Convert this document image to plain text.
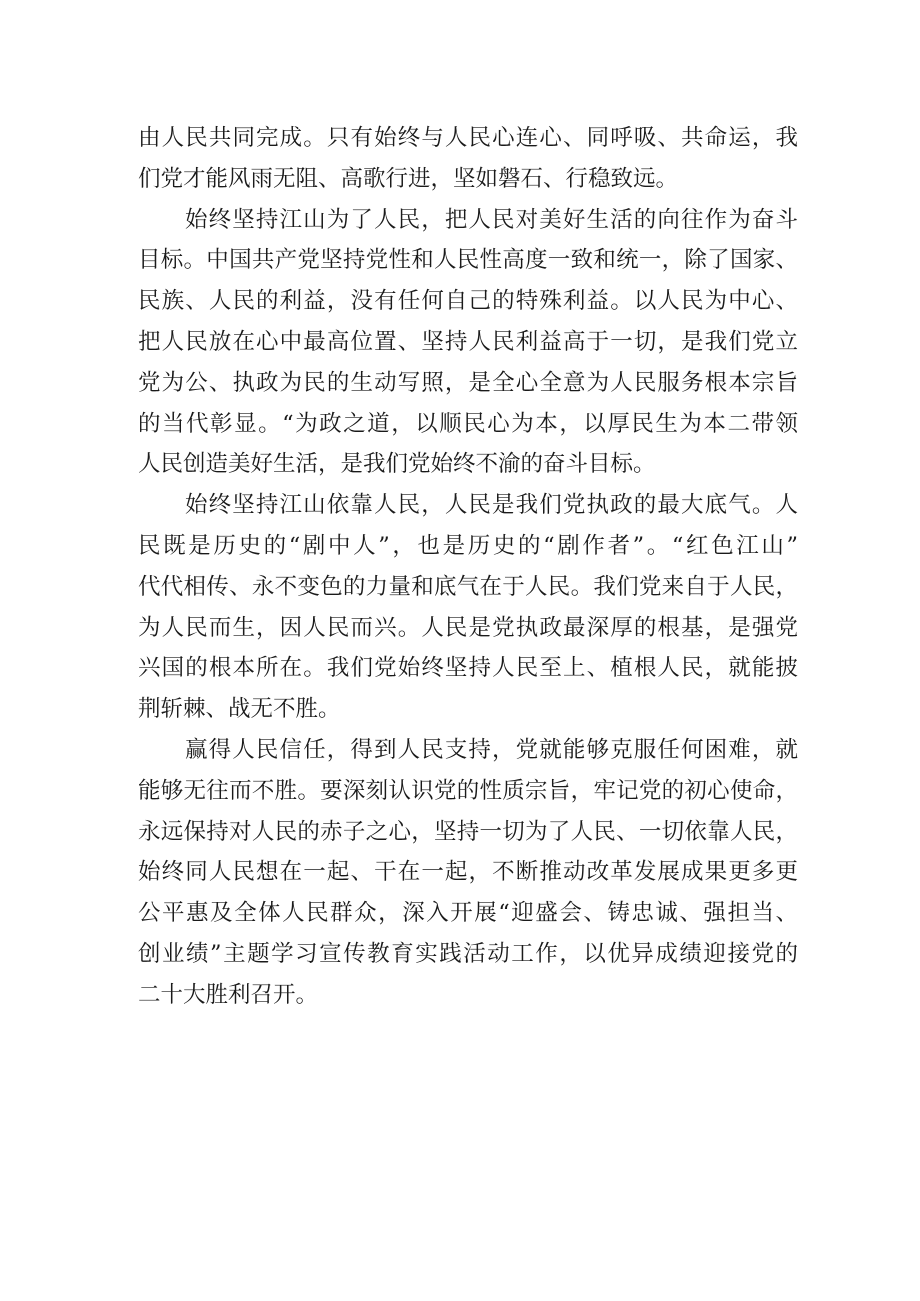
由人民共同完成。只有始终与人民心连心、同呼吸、共命运，我
们党才能风雨无阻、高歌行进，坚如磐石、行稳致远。
始终坚持江山为了人民，把人民对美好生活的向往作为奋斗
目标。中国共产党坚持党性和人民性高度一致和统一，除了国家、
民族、人民的利益，没有任何自己的特殊利益。以人民为中心、
把人民放在心中最高位置、坚持人民利益高于一切，是我们党立
党为公、执政为民的生动写照，是全心全意为人民服务根本宗旨
的当代彰显。“为政之道，以顺民心为本，以厚民生为本二带领
人民创造美好生活，是我们党始终不渝的奋斗目标。
始终坚持江山依靠人民，人民是我们党执政的最大底气。人
民既是历史的“剧中人”，也是历史的“剧作者”。“红色江山”
代代相传、永不变色的力量和底气在于人民。我们党来自于人民，
为人民而生，因人民而兴。人民是党执政最深厚的根基，是强党
兴国的根本所在。我们党始终坚持人民至上、植根人民，就能披
荆斩棘、战无不胜。
赢得人民信任，得到人民支持，党就能够克服任何困难，就
能够无往而不胜。要深刻认识党的性质宗旨，牢记党的初心使命，
永远保持对人民的赤子之心，坚持一切为了人民、一切依靠人民，
始终同人民想在一起、干在一起，不断推动改革发展成果更多更
公平惠及全体人民群众，深入开展“迎盛会、铸忠诚、强担当、
创业绩”主题学习宣传教育实践活动工作，以优异成绩迎接党的
二十大胜利召开。
